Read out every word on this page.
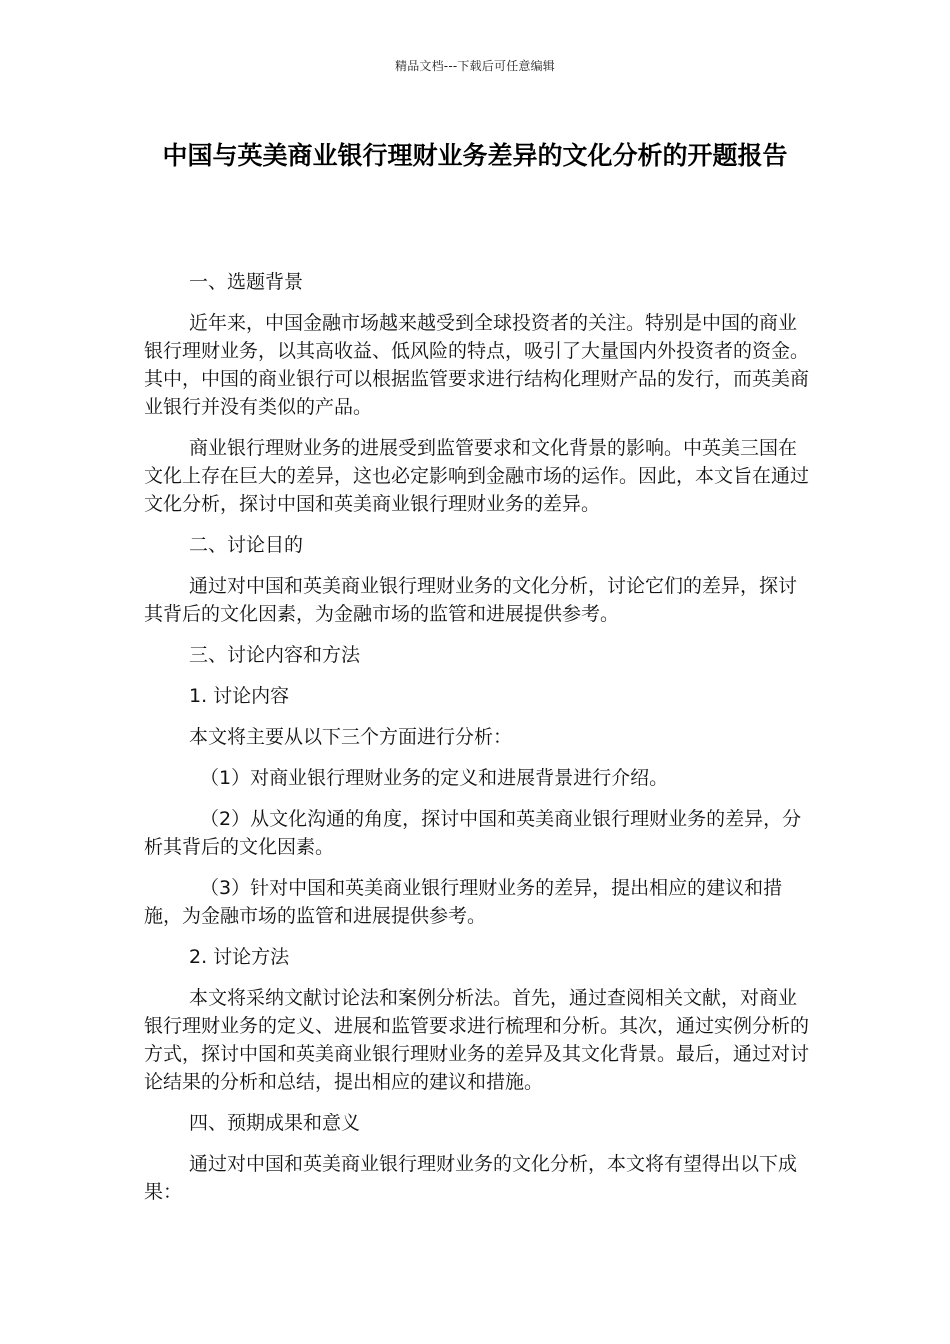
精品文档---下载后可任意编辑
中国与英美商业银行理财业务差异的文化分析的开题报告

一、选题背景

近年来，中国金融市场越来越受到全球投资者的关注。特别是中国的商业银行理财业务，以其高收益、低风险的特点，吸引了大量国内外投资者的资金。其中，中国的商业银行可以根据监管要求进行结构化理财产品的发行，而英美商业银行并没有类似的产品。

商业银行理财业务的进展受到监管要求和文化背景的影响。中英美三国在文化上存在巨大的差异，这也必定影响到金融市场的运作。因此，本文旨在通过文化分析，探讨中国和英美商业银行理财业务的差异。

二、讨论目的

通过对中国和英美商业银行理财业务的文化分析，讨论它们的差异，探讨其背后的文化因素，为金融市场的监管和进展提供参考。

三、讨论内容和方法

1. 讨论内容

本文将主要从以下三个方面进行分析：

（1）对商业银行理财业务的定义和进展背景进行介绍。

（2）从文化沟通的角度，探讨中国和英美商业银行理财业务的差异，分析其背后的文化因素。

（3）针对中国和英美商业银行理财业务的差异，提出相应的建议和措施，为金融市场的监管和进展提供参考。

2. 讨论方法

本文将采纳文献讨论法和案例分析法。首先，通过查阅相关文献，对商业银行理财业务的定义、进展和监管要求进行梳理和分析。其次，通过实例分析的方式，探讨中国和英美商业银行理财业务的差异及其文化背景。最后，通过对讨论结果的分析和总结，提出相应的建议和措施。

四、预期成果和意义

通过对中国和英美商业银行理财业务的文化分析，本文将有望得出以下成果：
